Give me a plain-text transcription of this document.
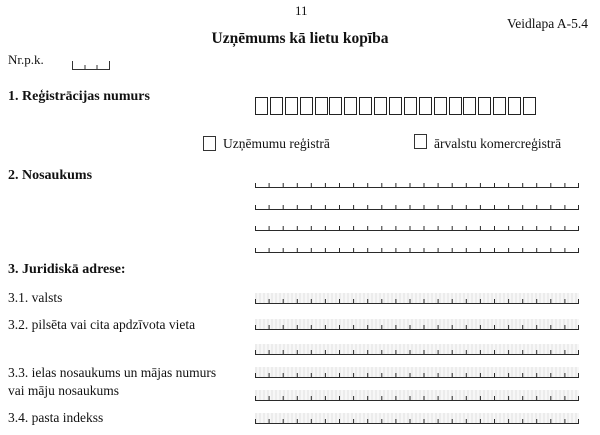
11
Veidlapa A-5.4
Uzņēmums kā lietu kopība
Nr.p.k.
1. Reģistrācijas numurs
Uzņēmumu reģistrā	ārvalstu komercreģistrā
2. Nosaukums
3. Juridiskā adrese:
3.1. valsts
3.2. pilsēta vai cita apdzīvota vieta
3.3. ielas nosaukums un mājas numurs
vai māju nosaukums
3.4. pasta indekss
